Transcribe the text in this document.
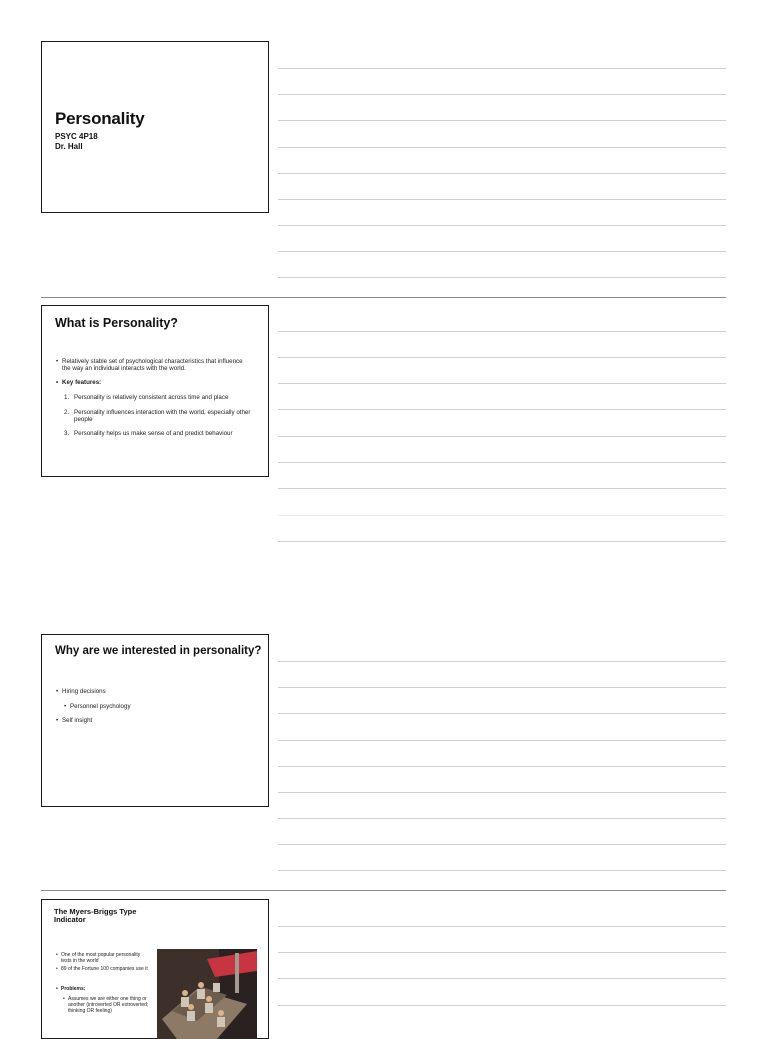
Personality
PSYC 4P18
Dr. Hall
What is Personality?
• Relatively stable set of psychological characteristics that influence the way an individual interacts with the world.
• Key features:
1. Personality is relatively consistent across time and place
2. Personality influences interaction with the world, especially other people
3. Personality helps us make sense of and predict behaviour
Why are we interested in personality?
• Hiring decisions
• Personnel psychology
• Self insight
The Myers-Briggs Type Indicator
• One of the most popular personality tests in the world
• 89 of the Fortune 100 companies use it
• Problems:
• Assumes we are either one thing or another (introverted OR extroverted; thinking OR feeling)
